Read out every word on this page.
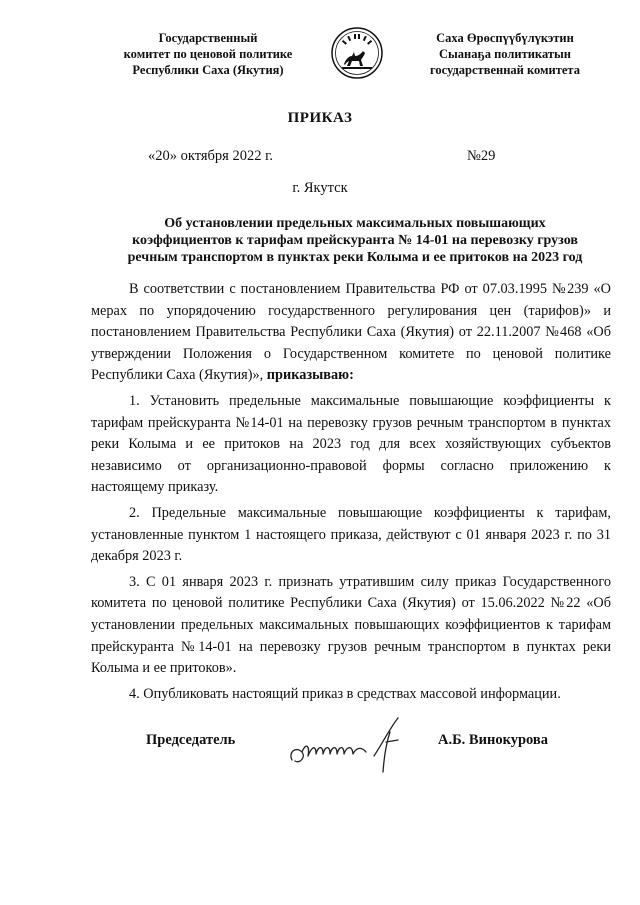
Государственный
комитет по ценовой политике
Республики Саха (Якутия)
Саха Өрөспүүбүлүкэтин
Сыанаҕа политикатын
государственнай комитета
ПРИКАЗ
«20» октября 2022 г.	№29
г. Якутск
Об установлении предельных максимальных повышающих
коэффициентов к тарифам прейскуранта № 14-01 на перевозку грузов
речным транспортом в пунктах реки Колыма и ее притоков на 2023 год

В соответствии с постановлением Правительства РФ от 07.03.1995 №239 «О мерах по упорядочению государственного регулирования цен (тарифов)» и постановлением Правительства Республики Саха (Якутия) от 22.11.2007 №468 «Об утверждении Положения о Государственном комитете по ценовой политике Республики Саха (Якутия)», приказываю:

1. Установить предельные максимальные повышающие коэффициенты к тарифам прейскуранта №14-01 на перевозку грузов речным транспортом в пунктах реки Колыма и ее притоков на 2023 год для всех хозяйствующих субъектов независимо от организационно-правовой формы согласно приложению к настоящему приказу.

2. Предельные максимальные повышающие коэффициенты к тарифам, установленные пунктом 1 настоящего приказа, действуют с 01 января 2023 г. по 31 декабря 2023 г.

3. С 01 января 2023 г. признать утратившим силу приказ Государственного комитета по ценовой политике Республики Саха (Якутия) от 15.06.2022 №22 «Об установлении предельных максимальных повышающих коэффициентов к тарифам прейскуранта №14-01 на перевозку грузов речным транспортом в пунктах реки Колыма и ее притоков».

4. Опубликовать настоящий приказ в средствах массовой информации.

Председатель	А.Б. Винокурова
